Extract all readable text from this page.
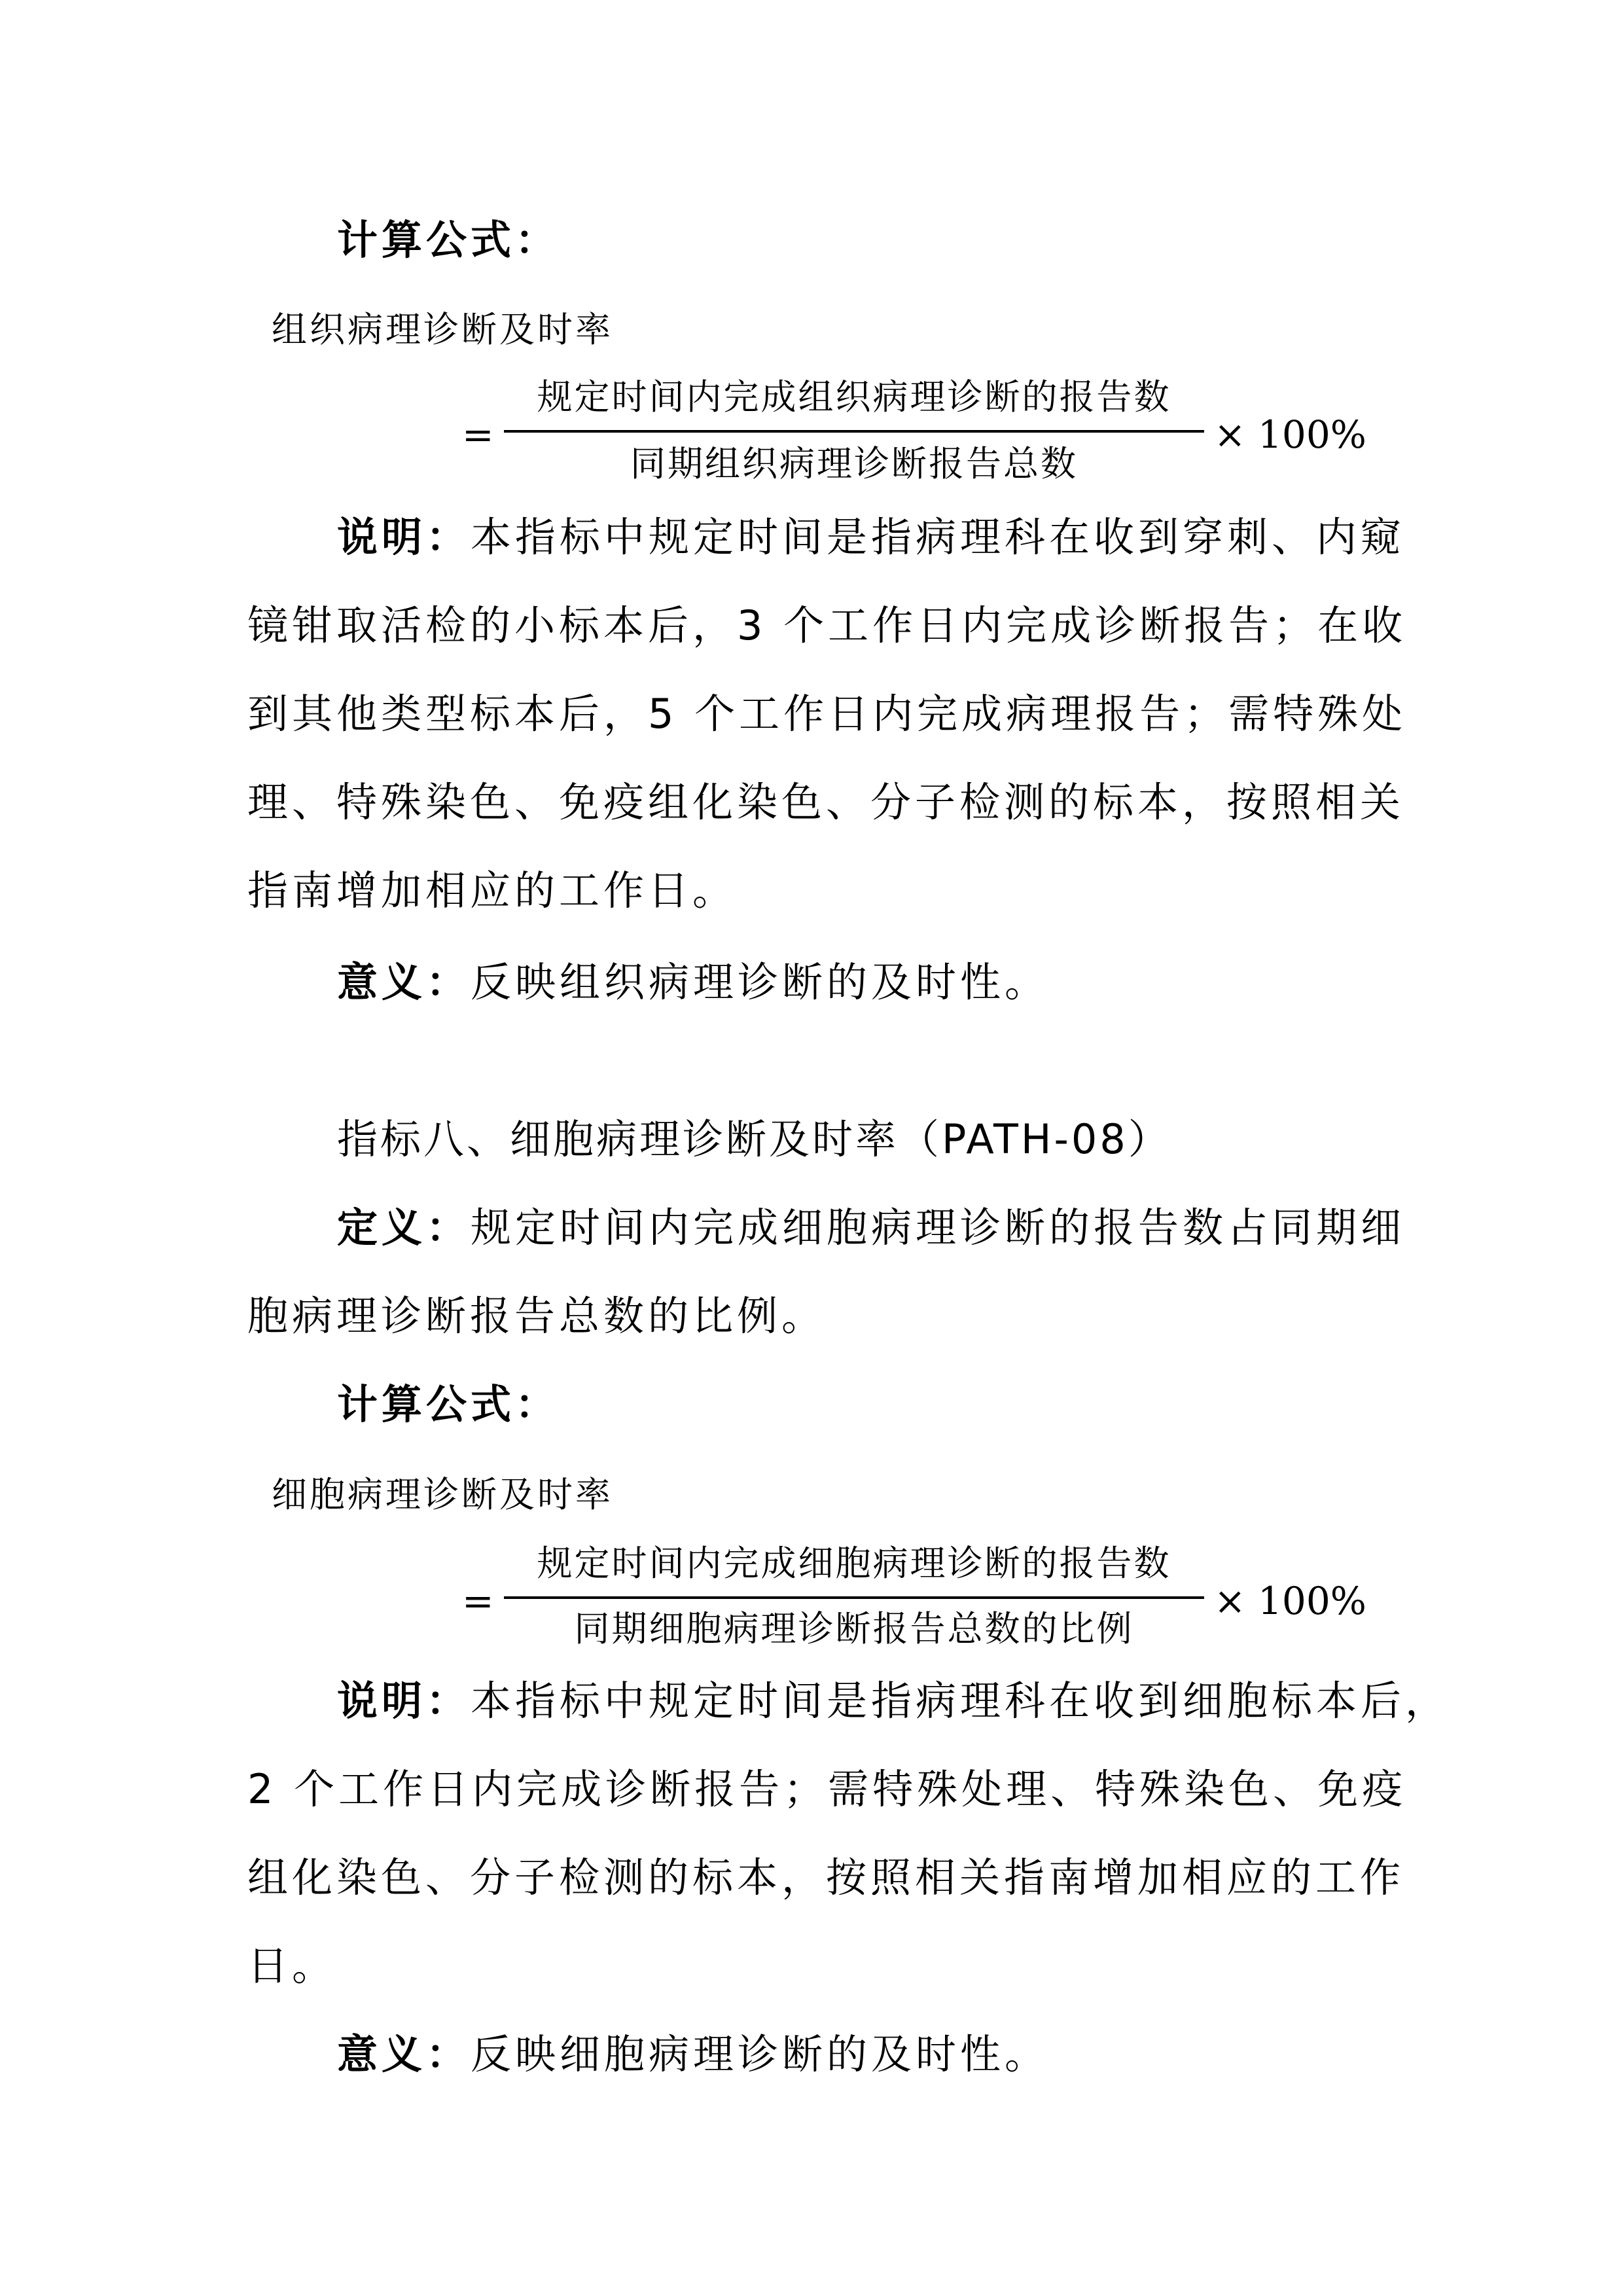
计算公式：
组织病理诊断及时率
=
规定时间内完成组织病理诊断的报告数
同期组织病理诊断报告总数
× 100%
说明：本指标中规定时间是指病理科在收到穿刺、内窥
镜钳取活检的小标本后，3 个工作日内完成诊断报告；在收
到其他类型标本后，5 个工作日内完成病理报告；需特殊处
理、特殊染色、免疫组化染色、分子检测的标本，按照相关
指南增加相应的工作日。
意义：反映组织病理诊断的及时性。
指标八、细胞病理诊断及时率（PATH-08）
定义：规定时间内完成细胞病理诊断的报告数占同期细
胞病理诊断报告总数的比例。
计算公式：
细胞病理诊断及时率
=
规定时间内完成细胞病理诊断的报告数
同期细胞病理诊断报告总数的比例
× 100%
说明：本指标中规定时间是指病理科在收到细胞标本后，
2 个工作日内完成诊断报告；需特殊处理、特殊染色、免疫
组化染色、分子检测的标本，按照相关指南增加相应的工作
日。
意义：反映细胞病理诊断的及时性。
